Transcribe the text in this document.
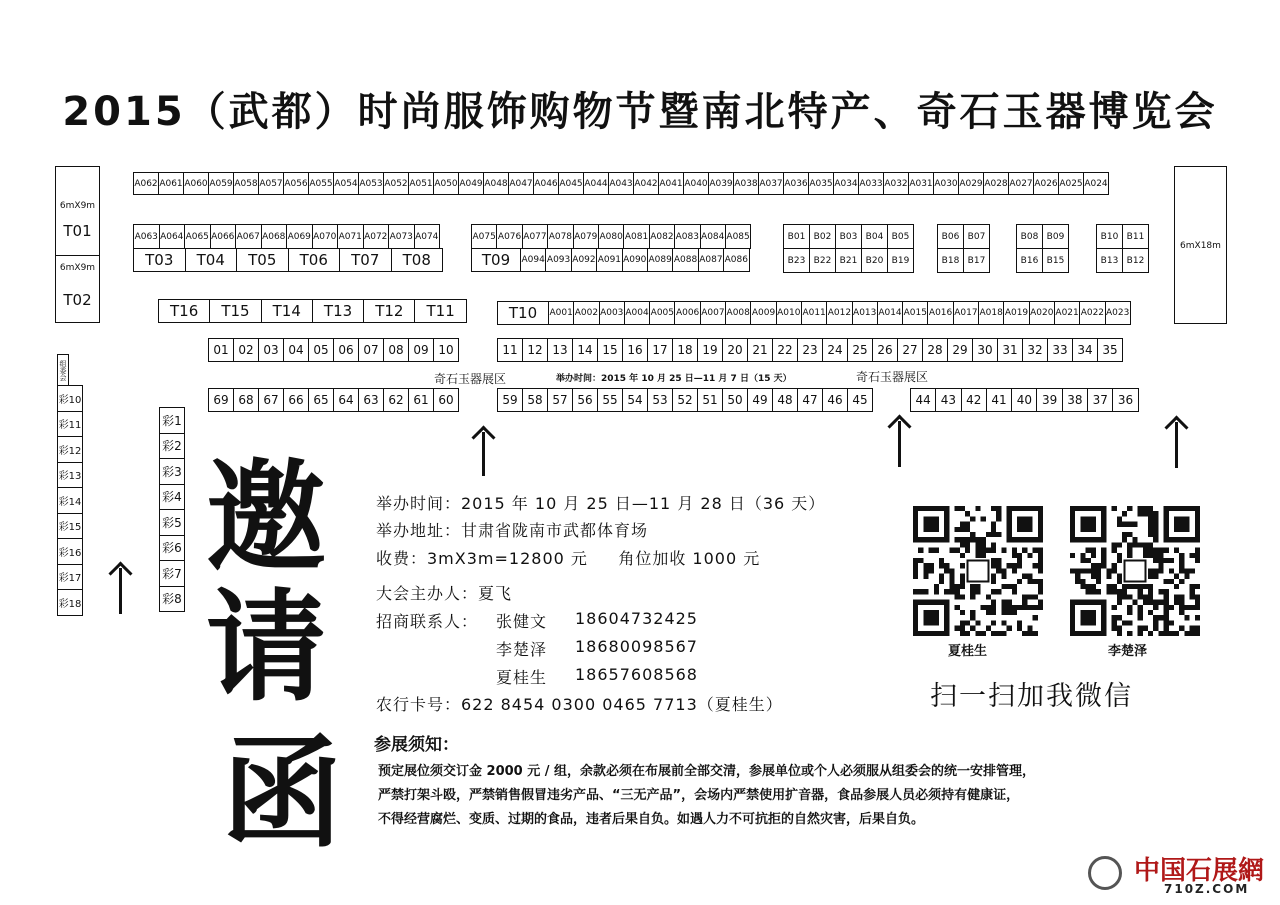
2015（武都）时尚服饰购物节暨南北特产、奇石玉器博览会
6mX9m
T01
6mX9m
T02
6mX18m
A062 A061 A060 A059 A058 A057 A056 A055 A054 A053 A052 A051 A050 A049 A048 A047 A046 A045 A044 A043 A042 A041 A040 A039 A038 A037 A036 A035 A034 A033 A032 A031 A030 A029 A028 A027 A026 A025 A024
A063 A064 A065 A066 A067 A068 A069 A070 A071 A072 A073 A074
T03	T04	T05	T06	T07	T08
A075 A076 A077 A078 A079 A080 A081 A082 A083 A084 A085
T09	A094 A093 A092 A091 A090 A089 A088 A087 A086
B01 B02 B03 B04 B05
B23 B22 B21 B20 B19
B06 B07
B18 B17
B08 B09
B16 B15
B10 B11
B13 B12
T16	T15	T14	T13	T12	T11	T10	A001 A002 A003 A004 A005 A006 A007 A008 A009 A010 A011 A012 A013 A014 A015 A016 A017 A018 A019 A020 A021 A022 A023
01 02 03 04 05 06 07 08 09 10	11 12 13 14 15 16 17 18 19 20 21 22 23 24 25 26 27 28 29 30 31 32 33 34 35
69 68 67 66 65 64 63 62 61 60	59 58 57 56 55 54 53 52 51 50 49 48 47 46 45	44 43 42 41 40 39 38 37 36
奇石玉器展区	奇石玉器展区
举办时间：2015 年 10 月 25 日—11 月 7 日（15 天）
组委会
彩10
彩11
彩12
彩13
彩14
彩15
彩16
彩17
彩18
彩1
彩2
彩3
彩4
彩5
彩6
彩7
彩8
邀
请
函
举办时间：2015 年 10 月 25 日—11 月 28 日（36 天）
举办地址：甘肃省陇南市武都体育场
收费：3mX3m=12800 元     角位加收 1000 元
大会主办人：夏飞
招商联系人： 张健文 18604732425
李楚泽 18680098567
夏桂生 18657608568
农行卡号：622 8454 0300 0465 7713（夏桂生）
参展须知：
预定展位须交订金 2000 元 / 组，余款必须在布展前全部交清，参展单位或个人必须服从组委会的统一安排管理，
严禁打架斗殴，严禁销售假冒违劣产品、“三无产品”，会场内严禁使用扩音器，食品参展人员必须持有健康证，
不得经营腐烂、变质、过期的食品，违者后果自负。如遇人力不可抗拒的自然灾害，后果自负。
夏桂生	李楚泽
扫一扫加我微信
中国石展網
710Z.COM
